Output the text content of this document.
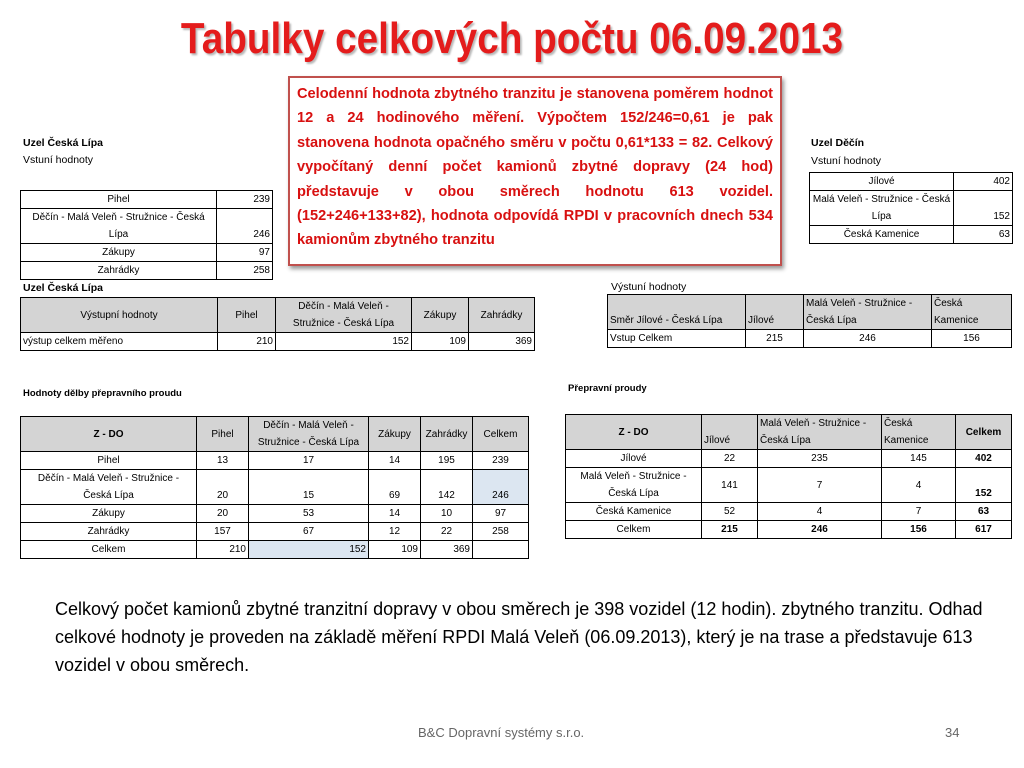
Tabulky celkových počtu 06.09.2013

Celodenní hodnota zbytného tranzitu je stanovena poměrem hodnot 12 a 24 hodinového měření. Výpočtem 152/246=0,61 je pak stanovena hodnota opačného směru v počtu 0,61*133 = 82. Celkový vypočítaný denní počet kamionů zbytné dopravy (24 hod) představuje v obou směrech hodnotu 613 vozidel. (152+246+133+82), hodnota odpovídá RPDI v pracovních dnech 534 kamionům zbytného tranzitu

Uzel Česká Lípa
Vstuní hodnoty
Pihel	239
Děčín - Malá Veleň - Stružnice - Česká Lípa	246
Zákupy	97
Zahrádky	258
Uzel Česká Lípa
Výstupní hodnoty	Pihel	Děčín - Malá Veleň - Stružnice - Česká Lípa	Zákupy	Zahrádky
výstup celkem měřeno	210	152	109	369
Uzel Děčín
Vstuní hodnoty
Jílové	402
Malá Veleň - Stružnice - Česká Lípa	152
Česká Kamenice	63
Výstuní hodnoty
Směr Jílové - Česká Lípa	Jílové	Malá Veleň - Stružnice - Česká Lípa	Česká Kamenice
Vstup Celkem	215	246	156
Hodnoty dělby přepravního proudu
Z - DO	Pihel	Děčín - Malá Veleň - Stružnice - Česká Lípa	Zákupy	Zahrádky	Celkem
Pihel	13	17	14	195	239
Děčín - Malá Veleň - Stružnice - Česká Lípa	20	15	69	142	246
Zákupy	20	53	14	10	97
Zahrádky	157	67	12	22	258
Celkem	210	152	109	369	
Přepravní proudy
Z - DO	Jílové	Malá Veleň - Stružnice - Česká Lípa	Česká Kamenice	Celkem
Jílové	22	235	145	402
Malá Veleň - Stružnice - Česká Lípa	141	7	4	152
Česká Kamenice	52	4	7	63
Celkem	215	246	156	617
Celkový počet kamionů zbytné tranzitní dopravy v obou směrech je 398 vozidel (12 hodin). zbytného tranzitu. Odhad celkové hodnoty je proveden na základě měření RPDI Malá Veleň (06.09.2013), který je na trase a představuje 613 vozidel v obou směrech.
B&C Dopravní systémy s.r.o.	34
